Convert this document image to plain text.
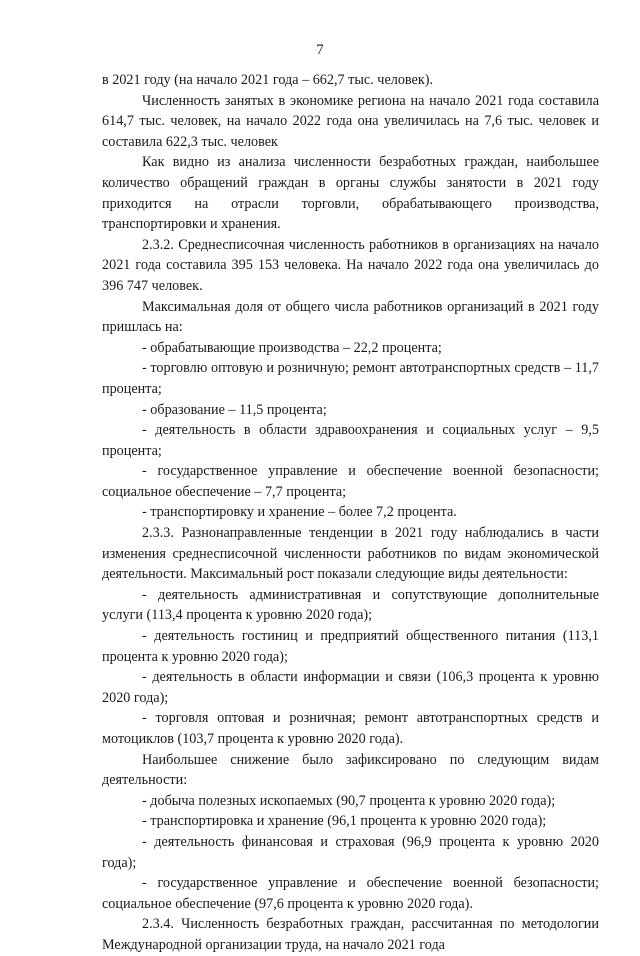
7

в 2021 году (на начало 2021 года – 662,7 тыс. человек).

Численность занятых в экономике региона на начало 2021 года составила 614,7 тыс. человек, на начало 2022 года она увеличилась на 7,6 тыс. человек и составила 622,3 тыс. человек

Как видно из анализа численности безработных граждан, наибольшее количество обращений граждан в органы службы занятости в 2021 году приходится на отрасли торговли, обрабатывающего производства, транспортировки и хранения.

2.3.2. Среднесписочная численность работников в организациях на начало 2021 года составила 395 153 человека. На начало 2022 года она увеличилась до 396 747 человек.

Максимальная доля от общего числа работников организаций в 2021 году пришлась на:

- обрабатывающие производства – 22,2 процента;

- торговлю оптовую и розничную; ремонт автотранспортных средств – 11,7 процента;

- образование – 11,5 процента;

- деятельность в области здравоохранения и социальных услуг – 9,5 процента;

- государственное управление и обеспечение военной безопасности; социальное обеспечение – 7,7 процента;

- транспортировку и хранение – более 7,2 процента.

2.3.3. Разнонаправленные тенденции в 2021 году наблюдались в части изменения среднесписочной численности работников по видам экономической деятельности. Максимальный рост показали следующие виды деятельности:

- деятельность административная и сопутствующие дополнительные услуги (113,4 процента к уровню 2020 года);

- деятельность гостиниц и предприятий общественного питания (113,1 процента к уровню 2020 года);

- деятельность в области информации и связи (106,3 процента к уровню 2020 года);

- торговля оптовая и розничная; ремонт автотранспортных средств и мотоциклов (103,7 процента к уровню 2020 года).

Наибольшее снижение было зафиксировано по следующим видам деятельности:

- добыча полезных ископаемых (90,7 процента к уровню 2020 года);

- транспортировка и хранение (96,1 процента к уровню 2020 года);

- деятельность финансовая и страховая (96,9 процента к уровню 2020 года);

- государственное управление и обеспечение военной безопасности; социальное обеспечение (97,6 процента к уровню 2020 года).

2.3.4. Численность безработных граждан, рассчитанная по методологии Международной организации труда, на начало 2021 года
